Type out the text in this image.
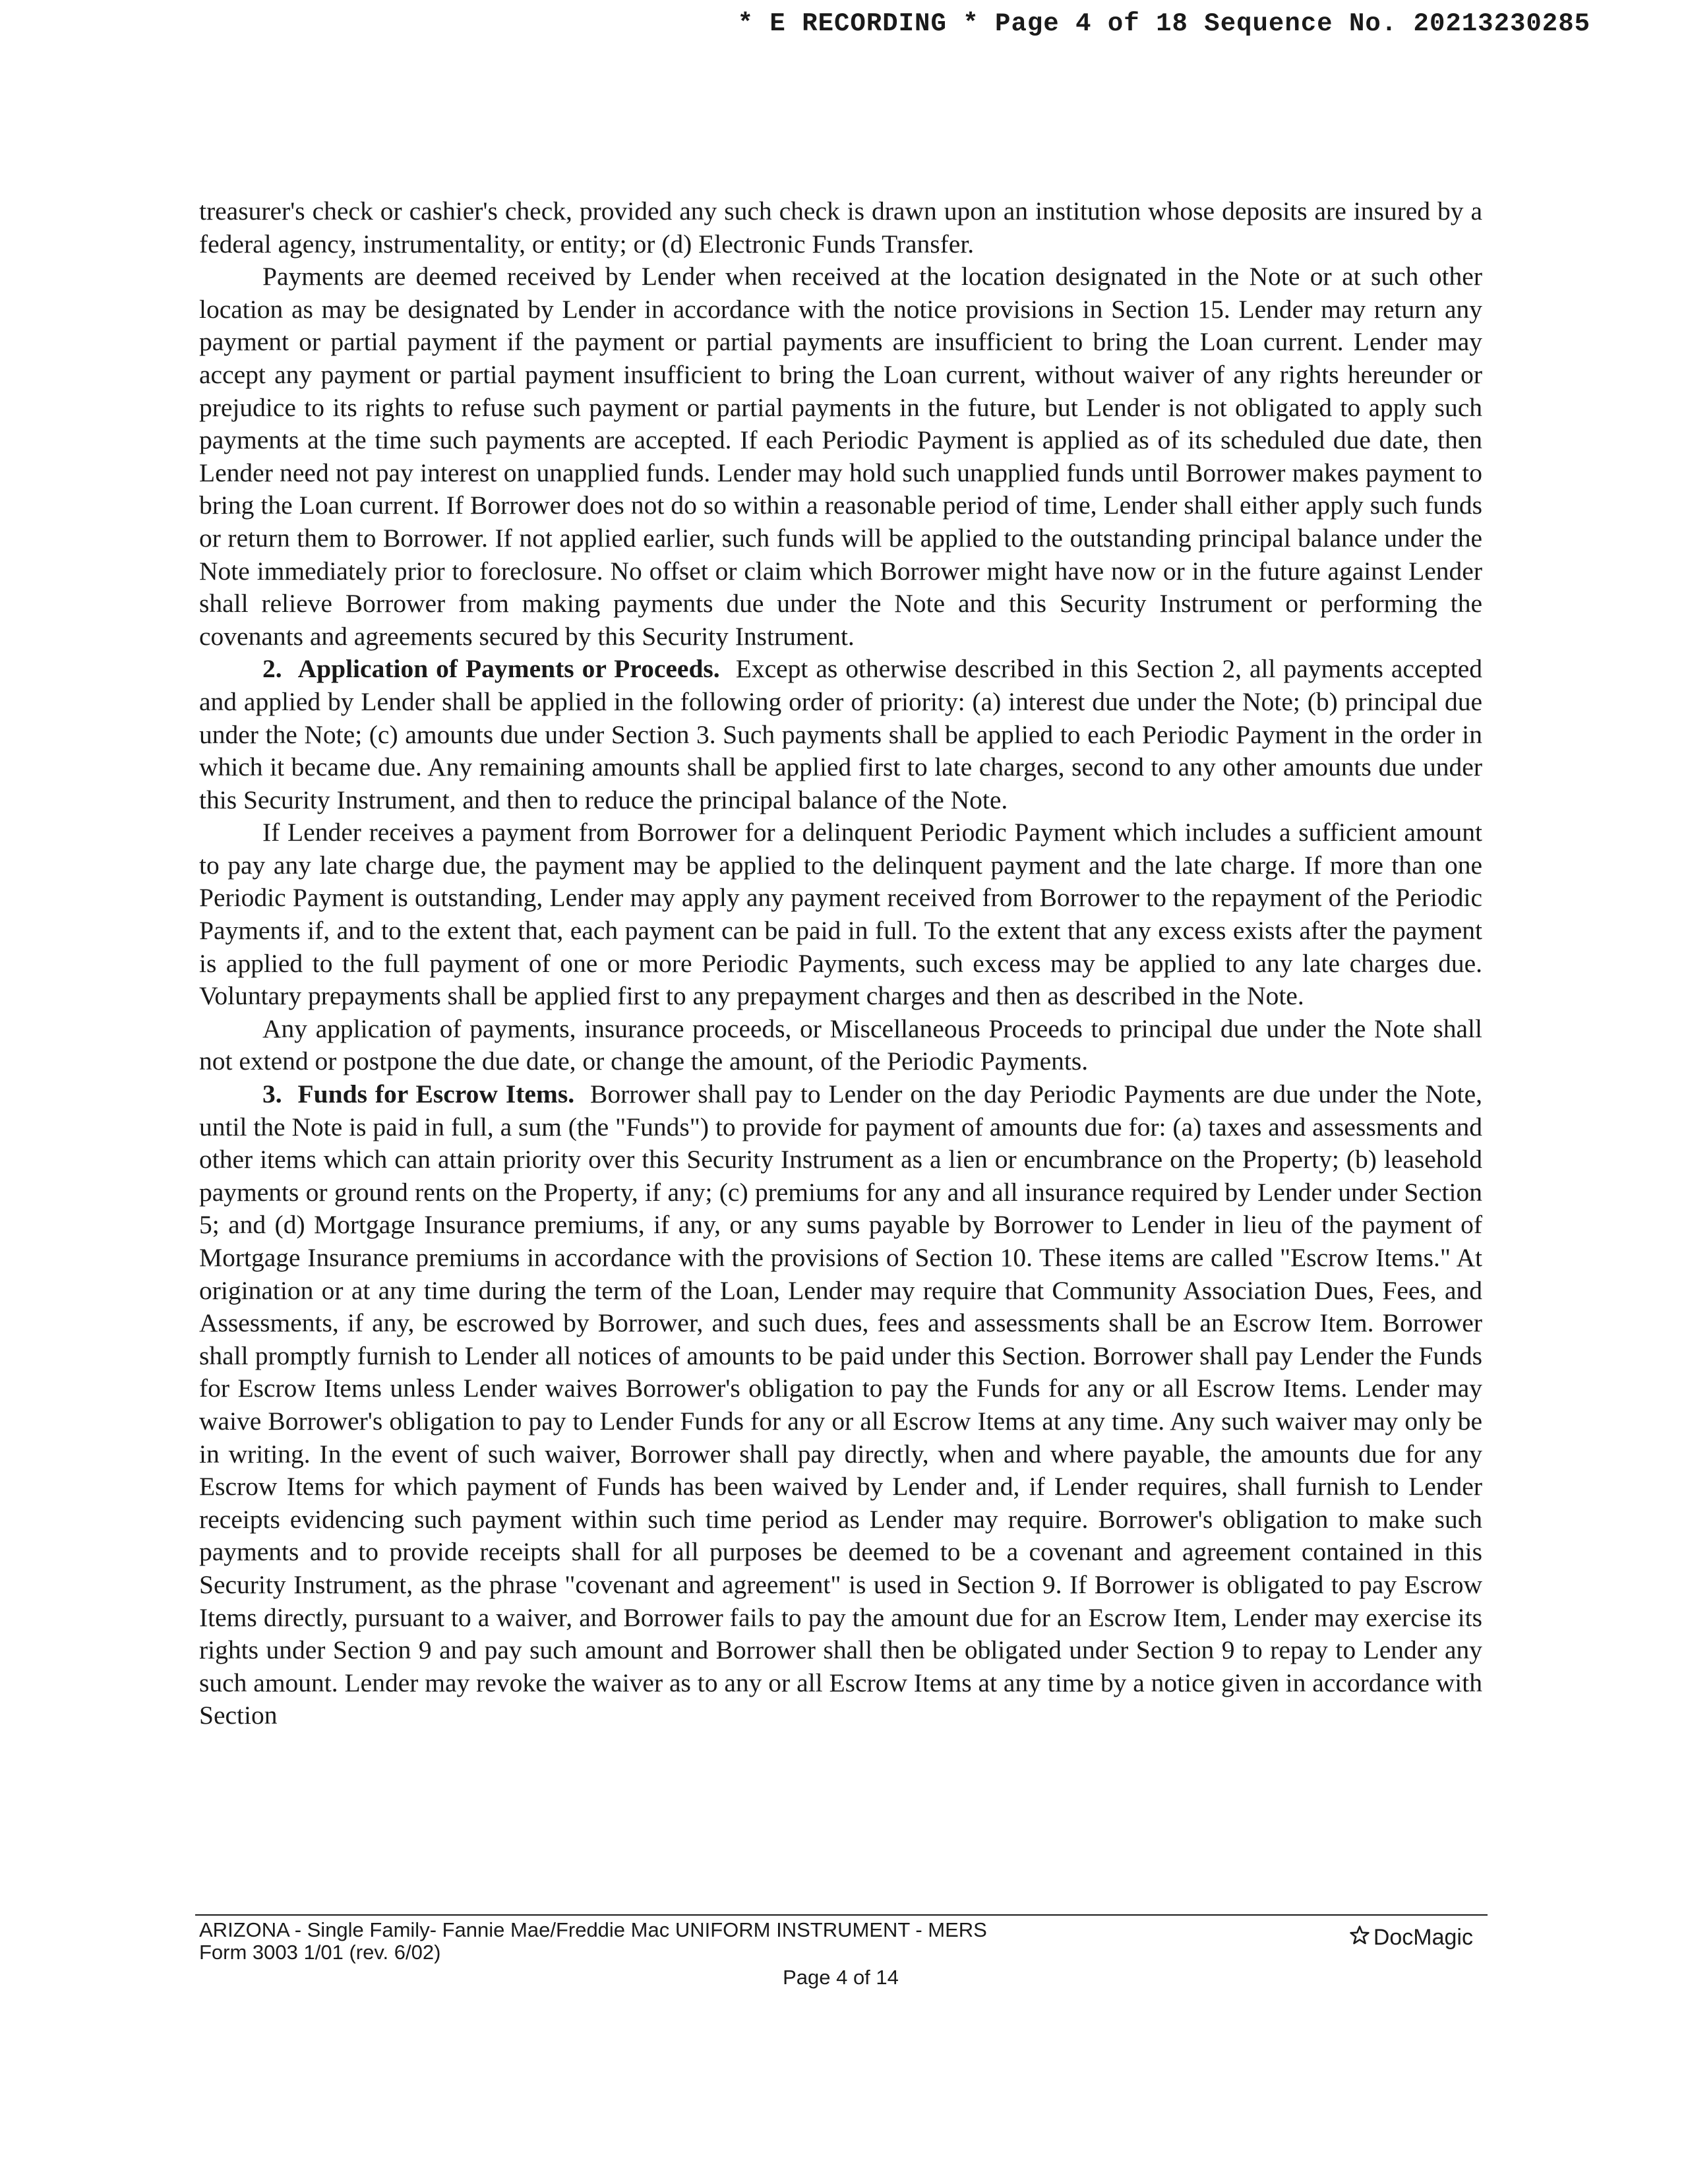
* E RECORDING * Page 4 of 18 Sequence No. 20213230285

treasurer's check or cashier's check, provided any such check is drawn upon an institution whose deposits are insured by a federal agency, instrumentality, or entity; or (d) Electronic Funds Transfer.

Payments are deemed received by Lender when received at the location designated in the Note or at such other location as may be designated by Lender in accordance with the notice provisions in Section 15. Lender may return any payment or partial payment if the payment or partial payments are insufficient to bring the Loan current. Lender may accept any payment or partial payment insufficient to bring the Loan current, without waiver of any rights hereunder or prejudice to its rights to refuse such payment or partial payments in the future, but Lender is not obligated to apply such payments at the time such payments are accepted. If each Periodic Payment is applied as of its scheduled due date, then Lender need not pay interest on unapplied funds. Lender may hold such unapplied funds until Borrower makes payment to bring the Loan current. If Borrower does not do so within a reasonable period of time, Lender shall either apply such funds or return them to Borrower. If not applied earlier, such funds will be applied to the outstanding principal balance under the Note immediately prior to foreclosure. No offset or claim which Borrower might have now or in the future against Lender shall relieve Borrower from making payments due under the Note and this Security Instrument or performing the covenants and agreements secured by this Security Instrument.

2. Application of Payments or Proceeds. Except as otherwise described in this Section 2, all payments accepted and applied by Lender shall be applied in the following order of priority: (a) interest due under the Note; (b) principal due under the Note; (c) amounts due under Section 3. Such payments shall be applied to each Periodic Payment in the order in which it became due. Any remaining amounts shall be applied first to late charges, second to any other amounts due under this Security Instrument, and then to reduce the principal balance of the Note.

If Lender receives a payment from Borrower for a delinquent Periodic Payment which includes a sufficient amount to pay any late charge due, the payment may be applied to the delinquent payment and the late charge. If more than one Periodic Payment is outstanding, Lender may apply any payment received from Borrower to the repayment of the Periodic Payments if, and to the extent that, each payment can be paid in full. To the extent that any excess exists after the payment is applied to the full payment of one or more Periodic Payments, such excess may be applied to any late charges due. Voluntary prepayments shall be applied first to any prepayment charges and then as described in the Note.

Any application of payments, insurance proceeds, or Miscellaneous Proceeds to principal due under the Note shall not extend or postpone the due date, or change the amount, of the Periodic Payments.

3. Funds for Escrow Items. Borrower shall pay to Lender on the day Periodic Payments are due under the Note, until the Note is paid in full, a sum (the "Funds") to provide for payment of amounts due for: (a) taxes and assessments and other items which can attain priority over this Security Instrument as a lien or encumbrance on the Property; (b) leasehold payments or ground rents on the Property, if any; (c) premiums for any and all insurance required by Lender under Section 5; and (d) Mortgage Insurance premiums, if any, or any sums payable by Borrower to Lender in lieu of the payment of Mortgage Insurance premiums in accordance with the provisions of Section 10. These items are called "Escrow Items." At origination or at any time during the term of the Loan, Lender may require that Community Association Dues, Fees, and Assessments, if any, be escrowed by Borrower, and such dues, fees and assessments shall be an Escrow Item. Borrower shall promptly furnish to Lender all notices of amounts to be paid under this Section. Borrower shall pay Lender the Funds for Escrow Items unless Lender waives Borrower's obligation to pay the Funds for any or all Escrow Items. Lender may waive Borrower's obligation to pay to Lender Funds for any or all Escrow Items at any time. Any such waiver may only be in writing. In the event of such waiver, Borrower shall pay directly, when and where payable, the amounts due for any Escrow Items for which payment of Funds has been waived by Lender and, if Lender requires, shall furnish to Lender receipts evidencing such payment within such time period as Lender may require. Borrower's obligation to make such payments and to provide receipts shall for all purposes be deemed to be a covenant and agreement contained in this Security Instrument, as the phrase "covenant and agreement" is used in Section 9. If Borrower is obligated to pay Escrow Items directly, pursuant to a waiver, and Borrower fails to pay the amount due for an Escrow Item, Lender may exercise its rights under Section 9 and pay such amount and Borrower shall then be obligated under Section 9 to repay to Lender any such amount. Lender may revoke the waiver as to any or all Escrow Items at any time by a notice given in accordance with Section

ARIZONA - Single Family- Fannie Mae/Freddie Mac UNIFORM INSTRUMENT - MERS
Form 3003 1/01 (rev. 6/02)
Page 4 of 14
DocMagic
